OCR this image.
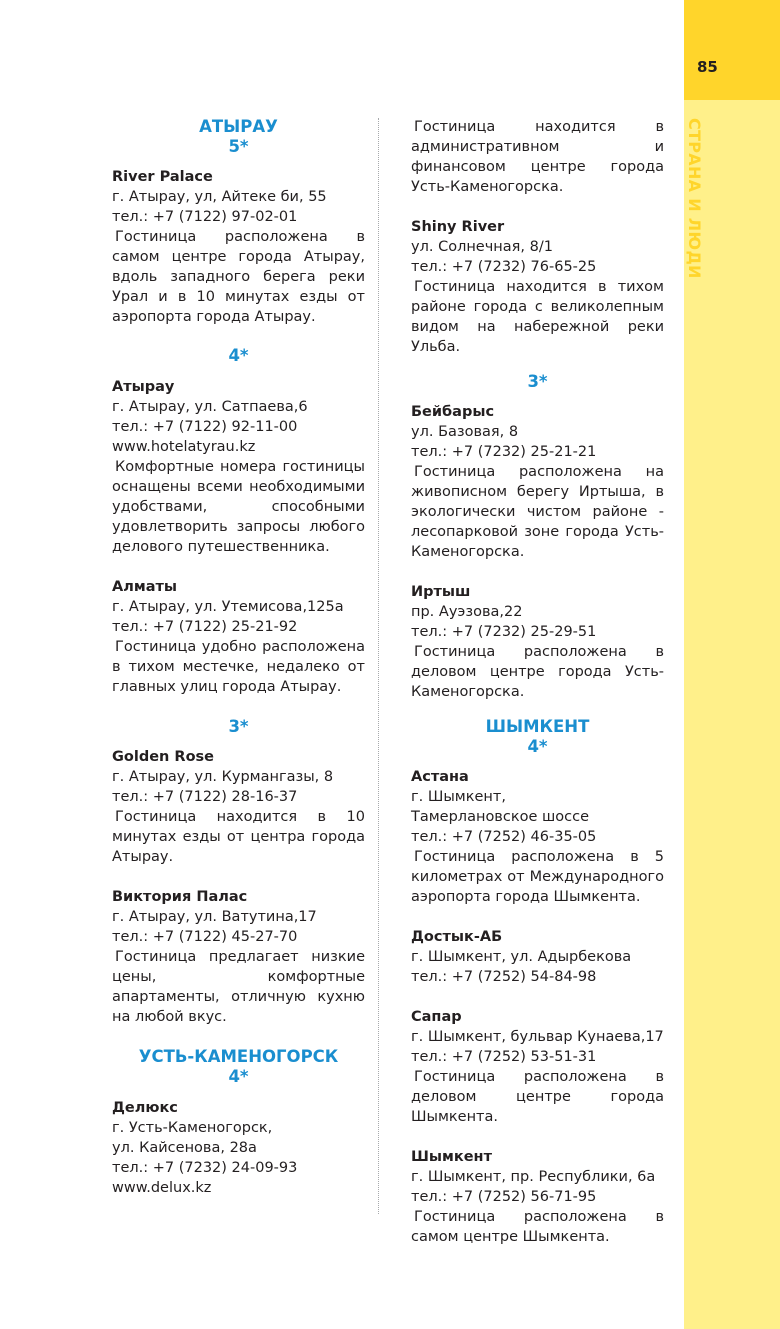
85
СТРАНА И ЛЮДИ
АТЫРАУ
5*
River Palace
г. Атырау, ул, Айтеке би, 55
тел.: +7 (7122) 97-02-01
Гостиница расположена в самом центре города Атырау, вдоль западного берега реки Урал и в 10 минутах езды от аэропорта города Атырау.
4*
Атырау
г. Атырау, ул. Сатпаева,6
тел.: +7 (7122) 92-11-00
www.hotelatyrau.kz
Комфортные номера гостиницы оснащены всеми необходимыми удобствами, способными удовлетворить запросы любого делового путешественника.
Алматы
г. Атырау, ул. Утемисова,125а
тел.: +7 (7122) 25-21-92
Гостиница удобно расположена в тихом местечке, недалеко от главных улиц города Атырау.
3*
Golden Rose
г. Атырау, ул. Курмангазы, 8
тел.: +7 (7122) 28-16-37
Гостиница находится в 10 минутах езды от центра города Атырау.
Виктория Палас
г. Атырау, ул. Ватутина,17
тел.: +7 (7122) 45-27-70
Гостиница предлагает низкие цены, комфортные апартаменты, отличную кухню на любой вкус.
УСТЬ-КАМЕНОГОРСК
4*
Делюкс
г. Усть-Каменогорск,
ул. Кайсенова, 28а
тел.: +7 (7232) 24-09-93
www.delux.kz
Гостиница находится в административном и финансовом центре города Усть-Каменогорска.
Shiny River
ул. Солнечная, 8/1
тел.: +7 (7232) 76-65-25
Гостиница находится в тихом районе города с великолепным видом на набережной реки Ульба.
3*
Бейбарыс
ул. Базовая, 8
тел.: +7 (7232) 25-21-21
Гостиница расположена на живописном берегу Иртыша, в экологически чистом районе - лесопарковой зоне города Усть-Каменогорска.
Иртыш
пр. Ауэзова,22
тел.: +7 (7232) 25-29-51
Гостиница расположена в деловом центре города Усть-Каменогорска.
ШЫМКЕНТ
4*
Астана
г. Шымкент,
Тамерлановское шоссе
тел.: +7 (7252) 46-35-05
Гостиница расположена в 5 километрах от Международного аэропорта города Шымкента.
Достык-АБ
г. Шымкент, ул. Адырбекова
тел.: +7 (7252) 54-84-98
Сапар
г. Шымкент, бульвар Кунаева,17
тел.: +7 (7252) 53-51-31
Гостиница расположена в деловом центре города Шымкента.
Шымкент
г. Шымкент, пр. Республики, 6а
тел.: +7 (7252) 56-71-95
Гостиница расположена в самом центре Шымкента.
